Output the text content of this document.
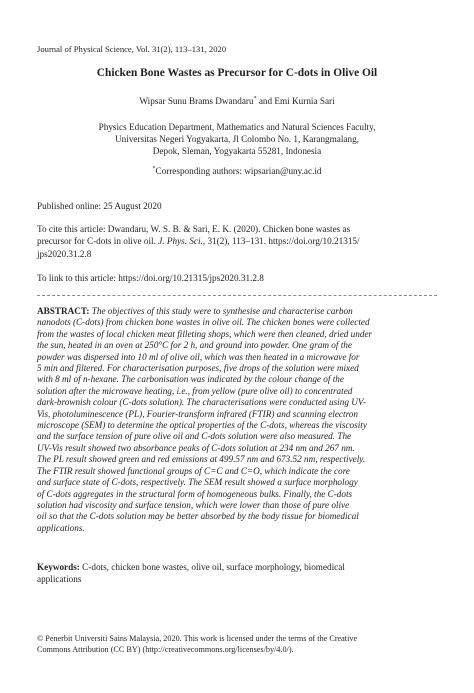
Journal of Physical Science, Vol. 31(2), 113–131, 2020
Chicken Bone Wastes as Precursor for C-dots in Olive Oil
Wipsar Sunu Brams Dwandaru* and Emi Kurnia Sari
Physics Education Department, Mathematics and Natural Sciences Faculty,
Universitas Negeri Yogyakarta, Jl Colombo No. 1, Karangmalang,
Depok, Sleman, Yogyakarta 55281, Indonesia
*Corresponding authors: wipsarian@uny.ac.id
Published online: 25 August 2020
To cite this article: Dwandaru, W. S. B. & Sari, E. K. (2020). Chicken bone wastes as
precursor for C-dots in olive oil. J. Phys. Sci., 31(2), 113–131. https://doi.org/10.21315/
jps2020.31.2.8
To link to this article: https://doi.org/10.21315/jps2020.31.2.8
ABSTRACT: The objectives of this study were to synthesise and characterise carbon
nanodots (C-dots) from chicken bone wastes in olive oil. The chicken bones were collected
from the wastes of local chicken meat filleting shops, which were then cleaned, dried under
the sun, heated in an oven at 250°C for 2 h, and ground into powder. One gram of the
powder was dispersed into 10 ml of olive oil, which was then heated in a microwave for
5 min and filtered. For characterisation purposes, five drops of the solution were mixed
with 8 ml of n-hexane. The carbonisation was indicated by the colour change of the
solution after the microwave heating, i.e., from yellow (pure olive oil) to concentrated
dark-brownish colour (C-dots solution). The characterisations were conducted using UV-
Vis, photoluminescence (PL), Fourier-transform infrared (FTIR) and scanning electron
microscope (SEM) to determine the optical properties of the C-dots, whereas the viscosity
and the surface tension of pure olive oil and C-dots solution were also measured. The
UV-Vis result showed two absorbance peaks of C-dots solution at 234 nm and 267 nm.
The PL result showed green and red emissions at 499.57 nm and 673.52 nm, respectively.
The FTIR result showed functional groups of C=C and C=O, which indicate the core
and surface state of C-dots, respectively. The SEM result showed a surface morphology
of C-dots aggregates in the structural form of homogeneous bulks. Finally, the C-dots
solution had viscosity and surface tension, which were lower than those of pure olive
oil so that the C-dots solution may be better absorbed by the body tissue for biomedical
applications.
Keywords: C-dots, chicken bone wastes, olive oil, surface morphology, biomedical
applications
© Penerbit Universiti Sains Malaysia, 2020. This work is licensed under the terms of the Creative
Commons Attribution (CC BY) (http://creativecommons.org/licenses/by/4.0/).
